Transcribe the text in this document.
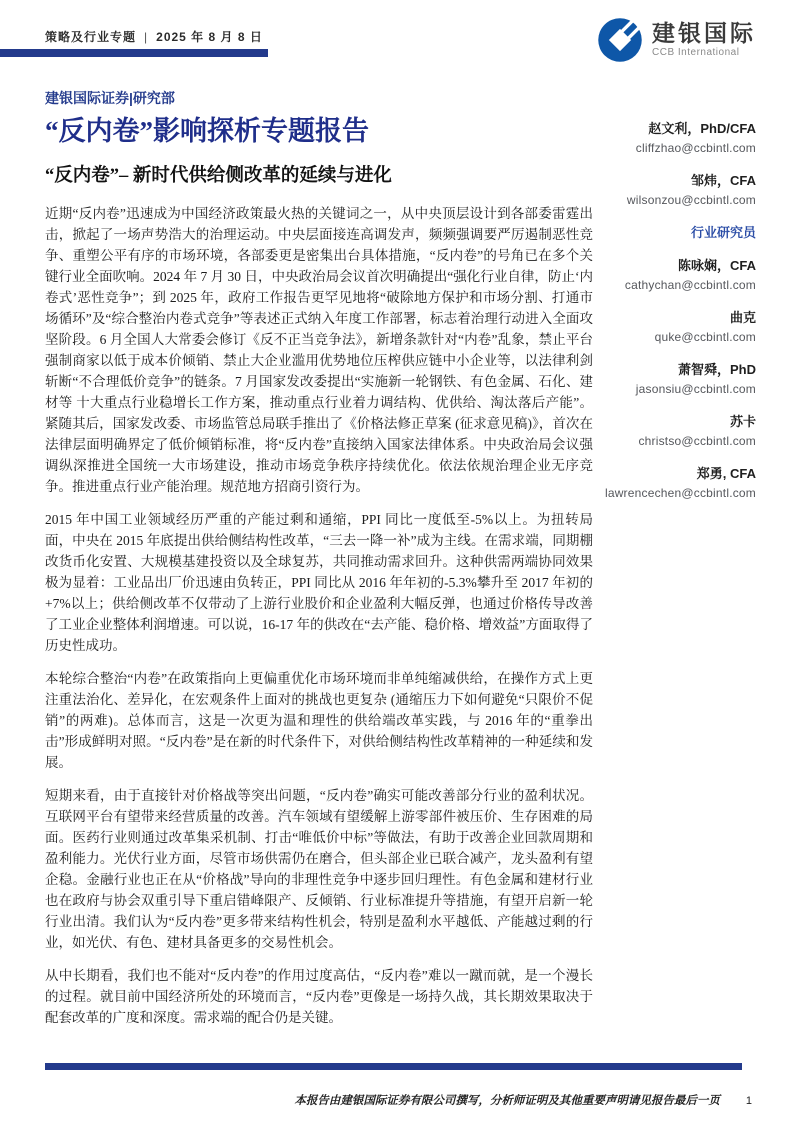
策略及行业专题 | 2025 年 8 月 8 日	建银国际
CCB International
建银国际证券|研究部
“反内卷”影响探析专题报告
“反内卷”– 新时代供给侧改革的延续与进化

近期“反内卷”迅速成为中国经济政策最火热的关键词之一，从中央顶层设计到各部委雷霆出击，掀起了一场声势浩大的治理运动。中央层面接连高调发声，频频强调要严厉遏制恶性竞争、重塑公平有序的市场环境，各部委更是密集出台具体措施，“反内卷”的号角已在多个关键行业全面吹响。2024 年 7 月 30 日，中央政治局会议首次明确提出“强化行业自律，防止‘内卷式’恶性竞争”；到 2025 年，政府工作报告更罕见地将“破除地方保护和市场分割、打通市场循环”及“综合整治内卷式竞争”等表述正式纳入年度工作部署，标志着治理行动进入全面攻坚阶段。6 月全国人大常委会修订《反不正当竞争法》，新增条款针对“内卷”乱象，禁止平台强制商家以低于成本价倾销、禁止大企业滥用优势地位压榨供应链中小企业等，以法律利剑斩断“不合理低价竞争”的链条。7 月国家发改委提出“实施新一轮钢铁、有色金属、石化、建材等 十大重点行业稳增长工作方案，推动重点行业着力调结构、优供给、淘汰落后产能”。紧随其后，国家发改委、市场监管总局联手推出了《价格法修正草案 (征求意见稿)》，首次在法律层面明确界定了低价倾销标准，将“反内卷”直接纳入国家法律体系。中央政治局会议强调纵深推进全国统一大市场建设，推动市场竞争秩序持续优化。依法依规治理企业无序竞争。推进重点行业产能治理。规范地方招商引资行为。

2015 年中国工业领域经历严重的产能过剩和通缩，PPI 同比一度低至-5%以上。为扭转局面，中央在 2015 年底提出供给侧结构性改革，“三去一降一补”成为主线。在需求端，同期棚改货币化安置、大规模基建投资以及全球复苏，共同推动需求回升。这种供需两端协同效果极为显着：工业品出厂价迅速由负转正，PPI 同比从 2016 年年初的-5.3%攀升至 2017 年初的+7%以上；供给侧改革不仅带动了上游行业股价和企业盈利大幅反弹，也通过价格传导改善了工业企业整体利润增速。可以说，16-17 年的供改在“去产能、稳价格、增效益”方面取得了历史性成功。

本轮综合整治“内卷”在政策指向上更偏重优化市场环境而非单纯缩减供给，在操作方式上更注重法治化、差异化，在宏观条件上面对的挑战也更复杂 (通缩压力下如何避免“只限价不促销”的两难)。总体而言，这是一次更为温和理性的供给端改革实践，与 2016 年的“重拳出击”形成鲜明对照。“反内卷”是在新的时代条件下，对供给侧结构性改革精神的一种延续和发展。

短期来看，由于直接针对价格战等突出问题，“反内卷”确实可能改善部分行业的盈利状况。互联网平台有望带来经营质量的改善。汽车领域有望缓解上游零部件被压价、生存困难的局面。医药行业则通过改革集采机制、打击“唯低价中标”等做法，有助于改善企业回款周期和盈利能力。光伏行业方面，尽管市场供需仍在磨合，但头部企业已联合减产，龙头盈利有望企稳。金融行业也正在从“价格战”导向的非理性竞争中逐步回归理性。有色金属和建材行业也在政府与协会双重引导下重启错峰限产、反倾销、行业标准提升等措施，有望开启新一轮行业出清。我们认为“反内卷”更多带来结构性机会，特别是盈利水平越低、产能越过剩的行业，如光伏、有色、建材具备更多的交易性机会。

从中长期看，我们也不能对“反内卷”的作用过度高估，“反内卷”难以一蹴而就，是一个漫长的过程。就目前中国经济所处的环境而言，“反内卷”更像是一场持久战，其长期效果取决于配套改革的广度和深度。需求端的配合仍是关键。

赵文利，PhD/CFA
cliffzhao@ccbintl.com
邹炜，CFA
wilsonzou@ccbintl.com
行业研究员
陈咏娴，CFA
cathychan@ccbintl.com
曲克
quke@ccbintl.com
萧智舜，PhD
jasonsiu@ccbintl.com
苏卡
christso@ccbintl.com
郑勇, CFA
lawrencechen@ccbintl.com
本报告由建银国际证券有限公司撰写，分析师证明及其他重要声明请见报告最后一页 1
